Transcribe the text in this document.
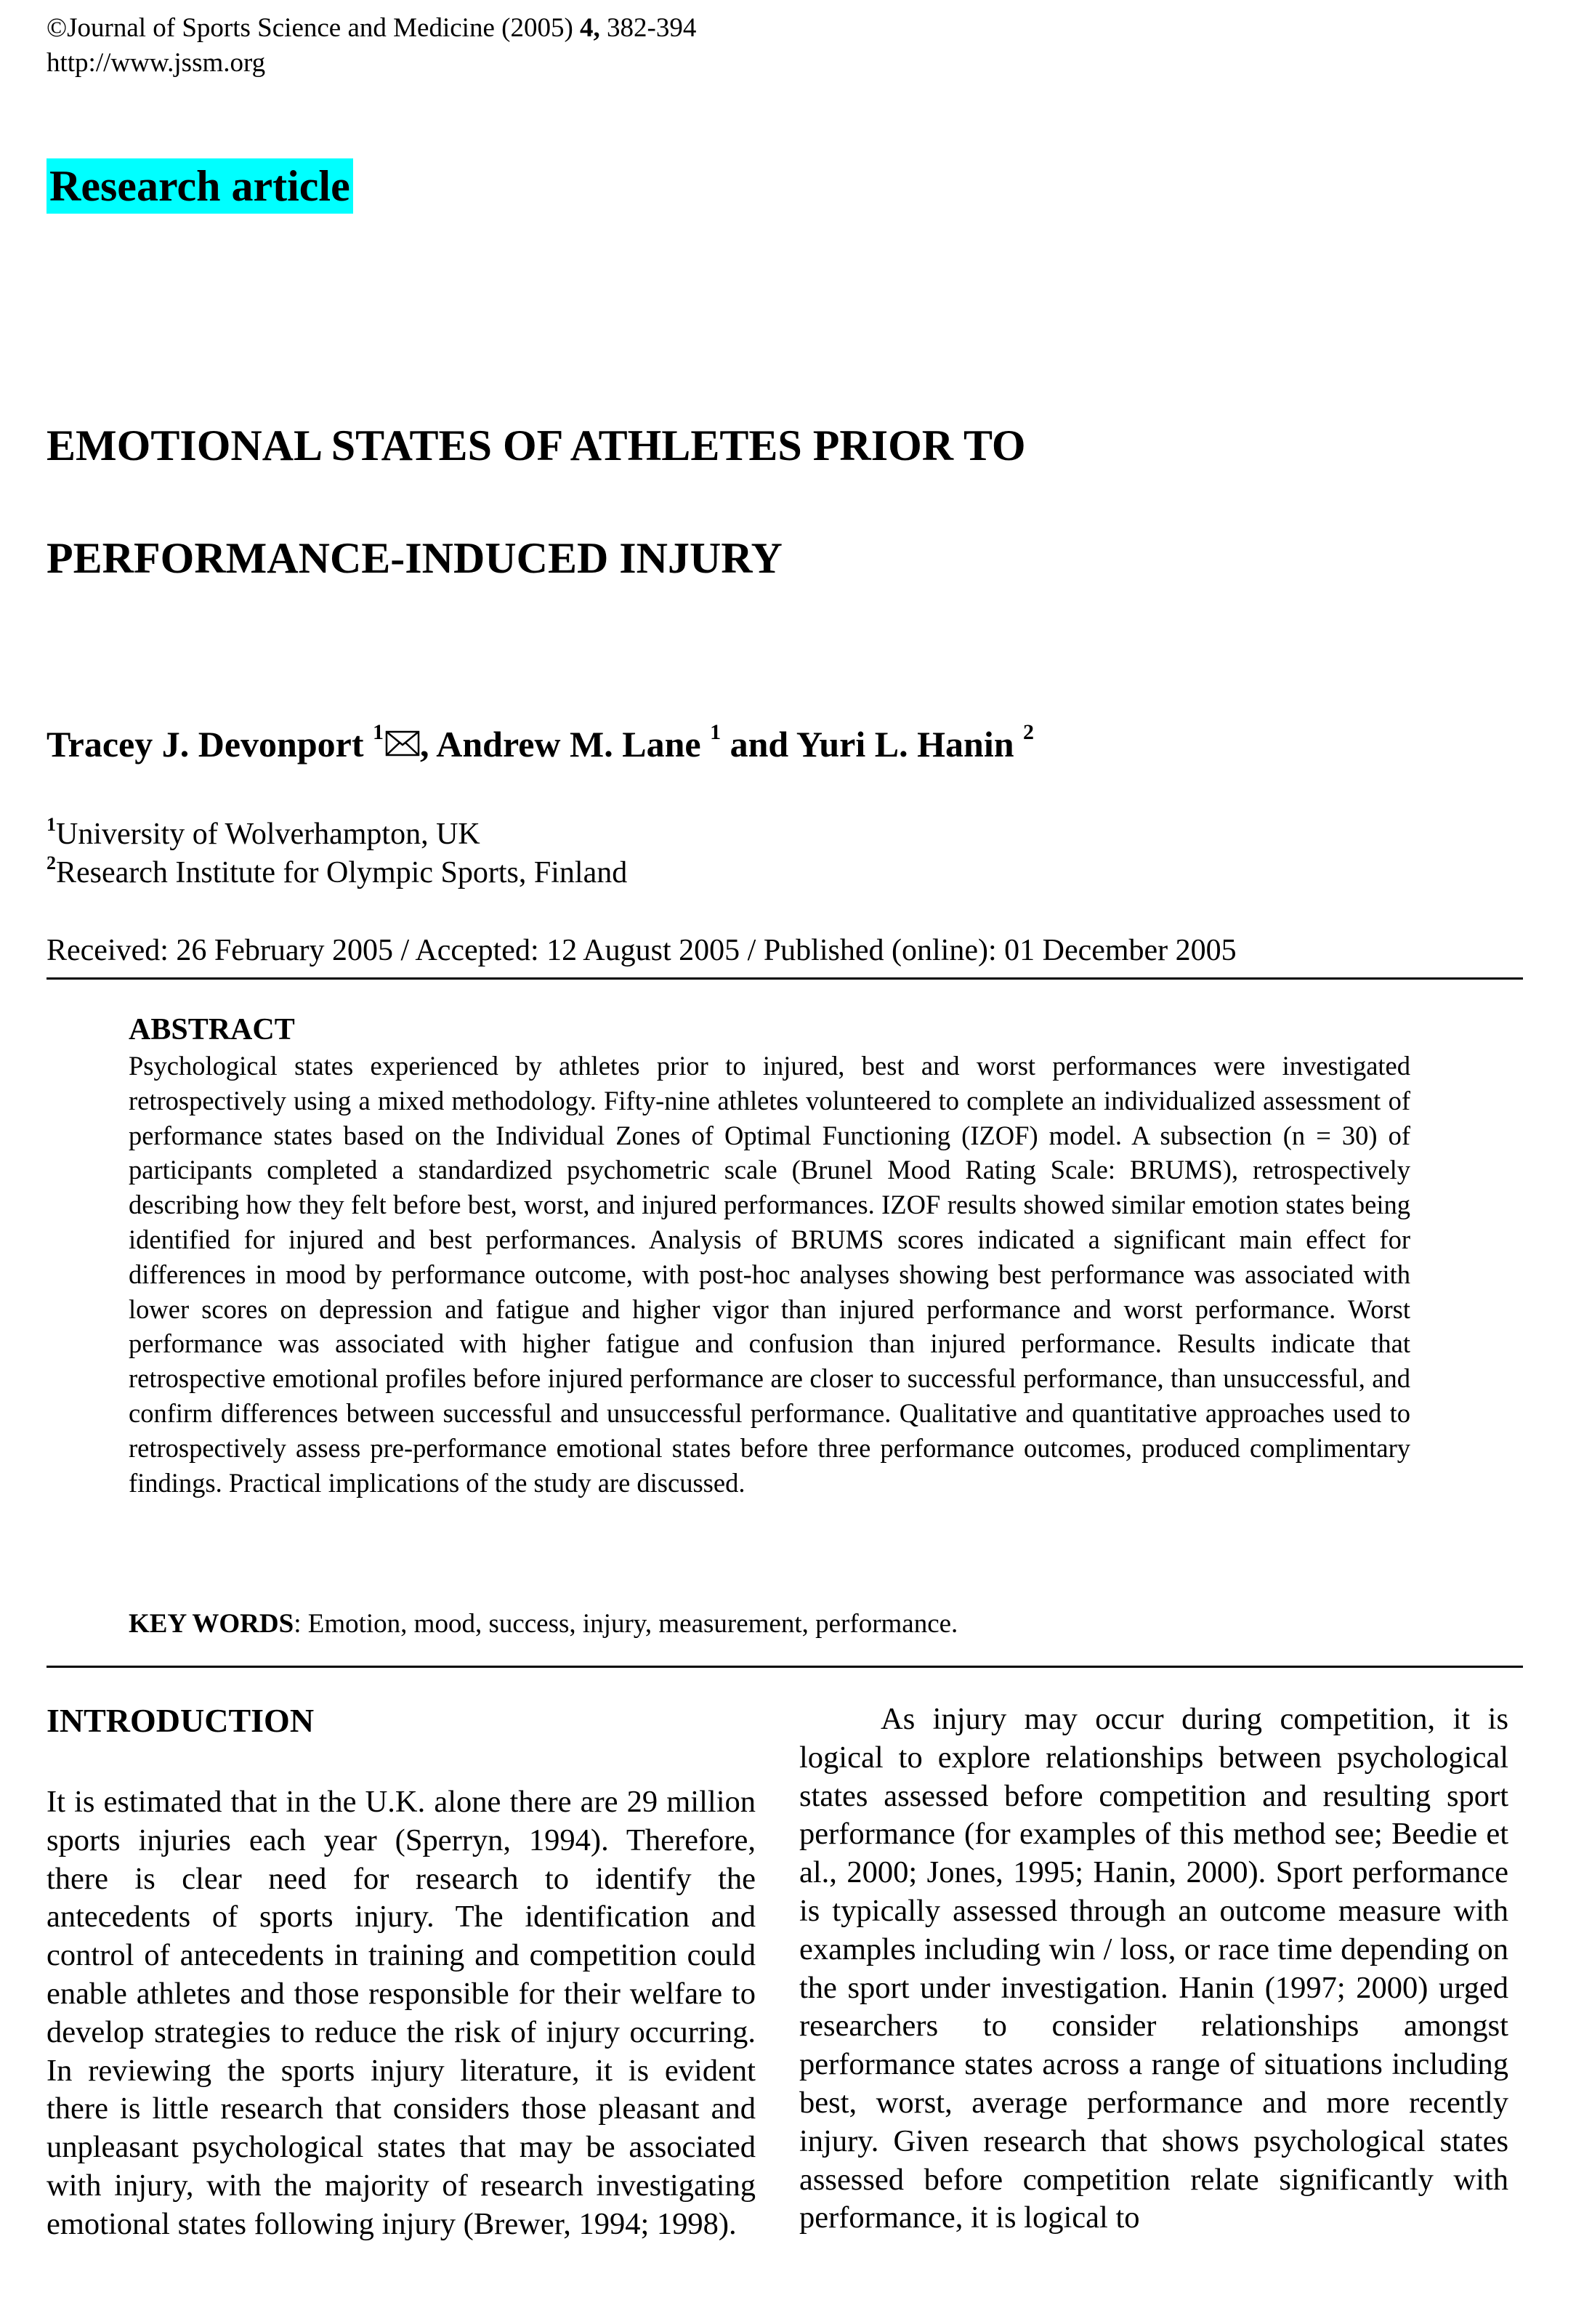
©Journal of Sports Science and Medicine (2005) 4, 382-394
http://www.jssm.org
Research article
EMOTIONAL STATES OF ATHLETES PRIOR TO
PERFORMANCE-INDUCED INJURY
Tracey J. Devonport $^1$ , Andrew M. Lane $^1$ and Yuri L. Hanin $^2$
$^1$University of Wolverhampton, UK
$^2$Research Institute for Olympic Sports, Finland
Received: 26 February 2005 / Accepted: 12 August 2005 / Published (online): 01 December 2005
ABSTRACT
Psychological states experienced by athletes prior to injured, best and worst performances were investigated retrospectively using a mixed methodology. Fifty-nine athletes volunteered to complete an individualized assessment of performance states based on the Individual Zones of Optimal Functioning (IZOF) model. A subsection (n = 30) of participants completed a standardized psychometric scale (Brunel Mood Rating Scale: BRUMS), retrospectively describing how they felt before best, worst, and injured performances. IZOF results showed similar emotion states being identified for injured and best performances. Analysis of BRUMS scores indicated a significant main effect for differences in mood by performance outcome, with post-hoc analyses showing best performance was associated with lower scores on depression and fatigue and higher vigor than injured performance and worst performance. Worst performance was associated with higher fatigue and confusion than injured performance. Results indicate that retrospective emotional profiles before injured performance are closer to successful performance, than unsuccessful, and confirm differences between successful and unsuccessful performance. Qualitative and quantitative approaches used to retrospectively assess pre-performance emotional states before three performance outcomes, produced complimentary findings. Practical implications of the study are discussed.
KEY WORDS: Emotion, mood, success, injury, measurement, performance.
INTRODUCTION
It is estimated that in the U.K. alone there are 29 million sports injuries each year (Sperryn, 1994). Therefore, there is clear need for research to identify the antecedents of sports injury. The identification and control of antecedents in training and competition could enable athletes and those responsible for their welfare to develop strategies to reduce the risk of injury occurring. In reviewing the sports injury literature, it is evident there is little research that considers those pleasant and unpleasant psychological states that may be associated with injury, with the majority of research investigating emotional states following injury (Brewer, 1994; 1998).
As injury may occur during competition, it is logical to explore relationships between psychological states assessed before competition and resulting sport performance (for examples of this method see; Beedie et al., 2000; Jones, 1995; Hanin, 2000). Sport performance is typically assessed through an outcome measure with examples including win / loss, or race time depending on the sport under investigation. Hanin (1997; 2000) urged researchers to consider relationships amongst performance states across a range of situations including best, worst, average performance and more recently injury. Given research that shows psychological states assessed before competition relate significantly with performance, it is logical to
